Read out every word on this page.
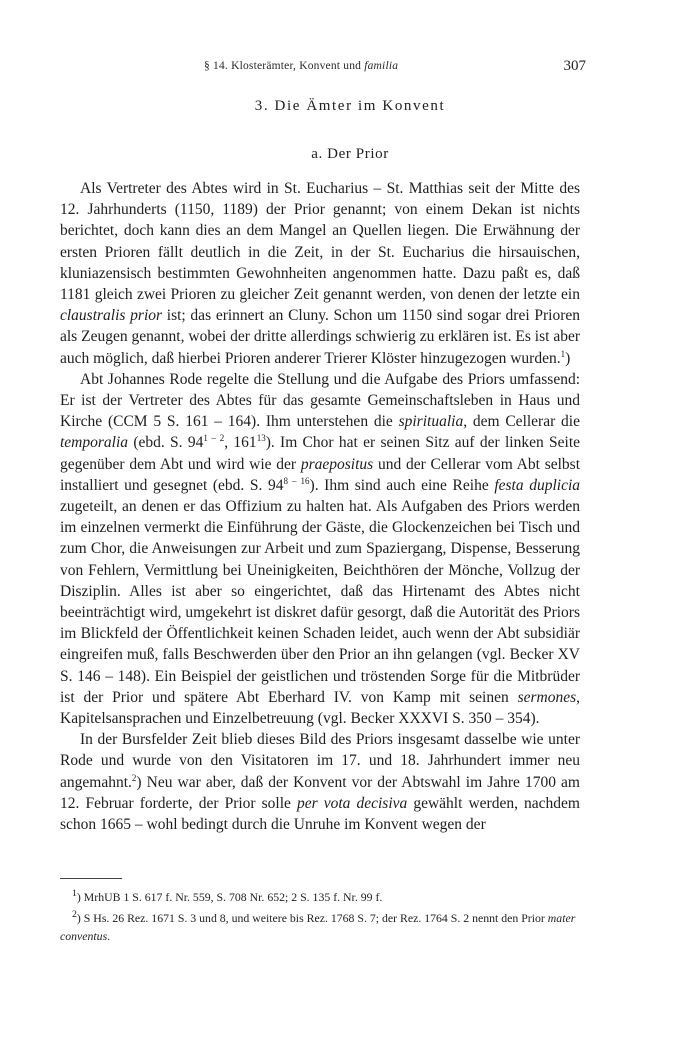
§ 14. Klosterämter, Konvent und familia	307
3. Die Ämter im Konvent
a. Der Prior

Als Vertreter des Abtes wird in St. Eucharius – St. Matthias seit der Mitte des 12. Jahrhunderts (1150, 1189) der Prior genannt; von einem Dekan ist nichts berichtet, doch kann dies an dem Mangel an Quellen liegen. Die Erwähnung der ersten Prioren fällt deutlich in die Zeit, in der St. Eucharius die hirsauischen, kluniazensisch bestimmten Gewohnheiten angenommen hatte. Dazu paßt es, daß 1181 gleich zwei Prioren zu gleicher Zeit genannt werden, von denen der letzte ein claustralis prior ist; das erinnert an Cluny. Schon um 1150 sind sogar drei Prioren als Zeugen genannt, wobei der dritte allerdings schwierig zu erklären ist. Es ist aber auch möglich, daß hierbei Prioren anderer Trierer Klöster hinzugezogen wurden.$^1$)

Abt Johannes Rode regelte die Stellung und die Aufgabe des Priors umfassend: Er ist der Vertreter des Abtes für das gesamte Gemeinschaftsleben in Haus und Kirche (CCM 5 S. 161 – 164). Ihm unterstehen die spiritualia, dem Cellerar die temporalia (ebd. S. 94$^{1 - 2}$, $161^{13}$). Im Chor hat er seinen Sitz auf der linken Seite gegenüber dem Abt und wird wie der praepositus und der Cellerar vom Abt selbst installiert und gesegnet (ebd. S. 94$^{8 - 16}$). Ihm sind auch eine Reihe festa duplicia zugeteilt, an denen er das Offizium zu halten hat. Als Aufgaben des Priors werden im einzelnen vermerkt die Einführung der Gäste, die Glockenzeichen bei Tisch und zum Chor, die Anweisungen zur Arbeit und zum Spaziergang, Dispense, Besserung von Fehlern, Vermittlung bei Uneinigkeiten, Beichthören der Mönche, Vollzug der Disziplin. Alles ist aber so eingerichtet, daß das Hirtenamt des Abtes nicht beeinträchtigt wird, umgekehrt ist diskret dafür gesorgt, daß die Autorität des Priors im Blickfeld der Öffentlichkeit keinen Schaden leidet, auch wenn der Abt subsidiär eingreifen muß, falls Beschwerden über den Prior an ihn gelangen (vgl. Becker XV S. 146 – 148). Ein Beispiel der geistlichen und tröstenden Sorge für die Mitbrüder ist der Prior und spätere Abt Eberhard IV. von Kamp mit seinen sermones, Kapitelsansprachen und Einzelbetreuung (vgl. Becker XXXVI S. 350 – 354).

In der Bursfelder Zeit blieb dieses Bild des Priors insgesamt dasselbe wie unter Rode und wurde von den Visitatoren im 17. und 18. Jahrhundert immer neu angemahnt.$^2$) Neu war aber, daß der Konvent vor der Abtswahl im Jahre 1700 am 12. Februar forderte, der Prior solle per vota decisiva gewählt werden, nachdem schon 1665 – wohl bedingt durch die Unruhe im Konvent wegen der

$^1$) MrhUB 1 S. 617 f. Nr. 559, S. 708 Nr. 652; 2 S. 135 f. Nr. 99 f.

$^2$) S Hs. 26 Rez. 1671 S. 3 und 8, und weitere bis Rez. 1768 S. 7; der Rez. 1764 S. 2 nennt den Prior mater conventus.
